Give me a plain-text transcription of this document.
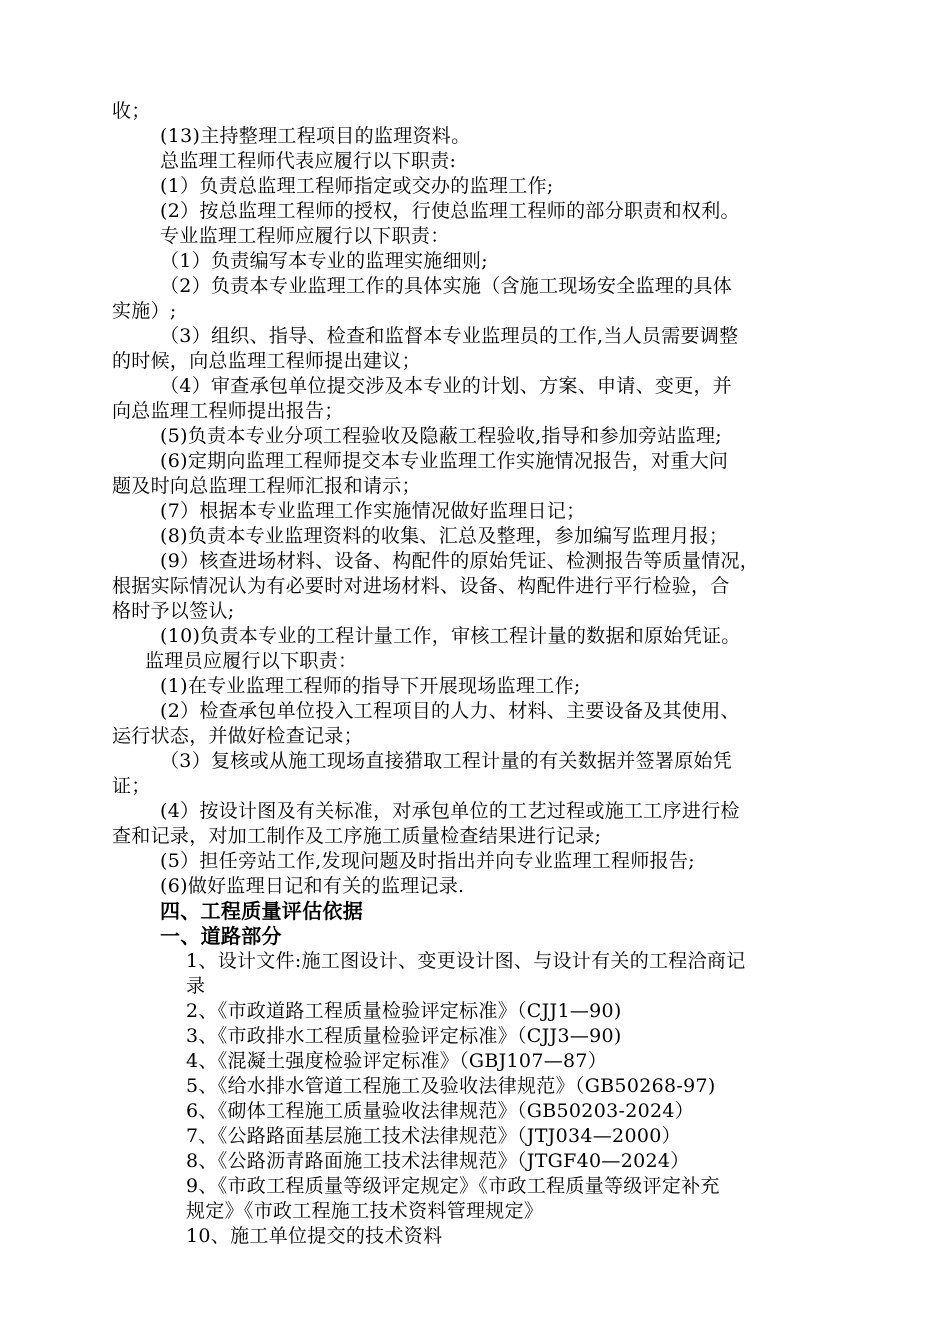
收；
(13)主持整理工程项目的监理资料。
总监理工程师代表应履行以下职责:
(1）负责总监理工程师指定或交办的监理工作;
(2）按总监理工程师的授权，行使总监理工程师的部分职责和权利。
专业监理工程师应履行以下职责：
（1）负责编写本专业的监理实施细则;
（2）负责本专业监理工作的具体实施（含施工现场安全监理的具体
实施）;
（3）组织、指导、检查和监督本专业监理员的工作,当人员需要调整
的时候，向总监理工程师提出建议；
（4）审查承包单位提交涉及本专业的计划、方案、申请、变更，并
向总监理工程师提出报告；
(5)负责本专业分项工程验收及隐蔽工程验收,指导和参加旁站监理;
(6)定期向监理工程师提交本专业监理工作实施情况报告，对重大问
题及时向总监理工程师汇报和请示；
(7）根据本专业监理工作实施情况做好监理日记；
(8)负责本专业监理资料的收集、汇总及整理，参加编写监理月报；
(9）核查进场材料、设备、构配件的原始凭证、检测报告等质量情况，
根据实际情况认为有必要时对进场材料、设备、构配件进行平行检验，合
格时予以签认;
(10)负责本专业的工程计量工作，审核工程计量的数据和原始凭证。
监理员应履行以下职责：
(1)在专业监理工程师的指导下开展现场监理工作;
(2）检查承包单位投入工程项目的人力、材料、主要设备及其使用、
运行状态，并做好检查记录；
（3）复核或从施工现场直接猎取工程计量的有关数据并签署原始凭
证；
(4）按设计图及有关标准，对承包单位的工艺过程或施工工序进行检
查和记录，对加工制作及工序施工质量检查结果进行记录;
(5）担任旁站工作,发现问题及时指出并向专业监理工程师报告;
(6)做好监理日记和有关的监理记录.
四、工程质量评估依据
一、道路部分
1、设计文件:施工图设计、变更设计图、与设计有关的工程洽商记
录
2、《市政道路工程质量检验评定标准》（CJJ1—90)
3、《市政排水工程质量检验评定标准》（CJJ3—90)
4、《混凝土强度检验评定标准》（GBJ107—87）
5、《给水排水管道工程施工及验收法律规范》（GB50268-97)
6、《砌体工程施工质量验收法律规范》（GB50203-2024）
7、《公路路面基层施工技术法律规范》（JTJ034—2000）
8、《公路沥青路面施工技术法律规范》（JTGF40—2024）
9、《市政工程质量等级评定规定》《市政工程质量等级评定补充
规定》《市政工程施工技术资料管理规定》
10、施工单位提交的技术资料
